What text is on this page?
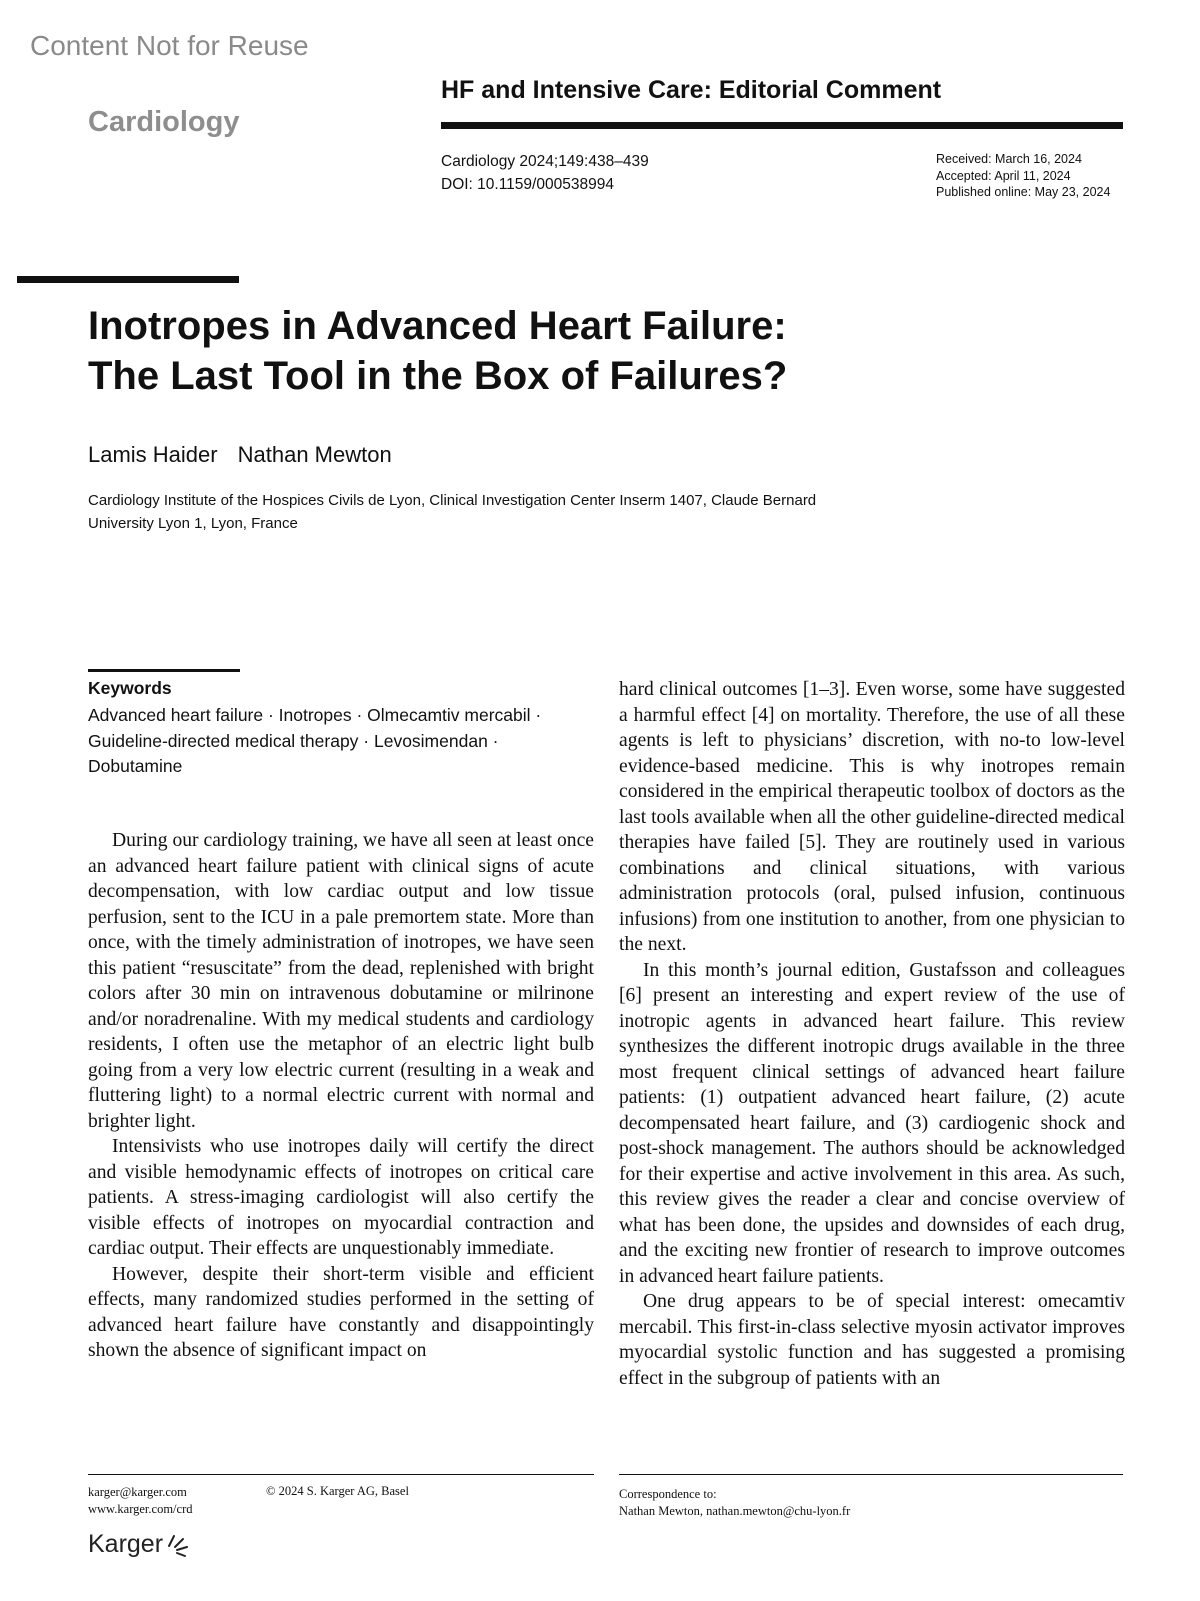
Content Not for Reuse
Cardiology
HF and Intensive Care: Editorial Comment
Cardiology 2024;149:438–439
DOI: 10.1159/000538994
Received: March 16, 2024
Accepted: April 11, 2024
Published online: May 23, 2024
Inotropes in Advanced Heart Failure:
The Last Tool in the Box of Failures?
Lamis Haider Nathan Mewton
Cardiology Institute of the Hospices Civils de Lyon, Clinical Investigation Center Inserm 1407, Claude Bernard
University Lyon 1, Lyon, France
Keywords
Advanced heart failure · Inotropes · Olmecamtiv mercabil ·
Guideline-directed medical therapy · Levosimendan ·
Dobutamine

During our cardiology training, we have all seen at least once an advanced heart failure patient with clinical signs of acute decompensation, with low cardiac output and low tissue perfusion, sent to the ICU in a pale premortem state. More than once, with the timely administration of inotropes, we have seen this patient “resuscitate” from the dead, replenished with bright colors after 30 min on intravenous dobutamine or milrinone and/or noradrenaline. With my medical students and cardiology residents, I often use the metaphor of an electric light bulb going from a very low electric current (resulting in a weak and fluttering light) to a normal electric current with normal and brighter light.

Intensivists who use inotropes daily will certify the direct and visible hemodynamic effects of inotropes on critical care patients. A stress-imaging cardiologist will also certify the visible effects of inotropes on myocardial contraction and cardiac output. Their effects are unquestionably immediate.

However, despite their short-term visible and efficient effects, many randomized studies performed in the setting of advanced heart failure have constantly and disappointingly shown the absence of significant impact on

hard clinical outcomes [1–3]. Even worse, some have suggested a harmful effect [4] on mortality. Therefore, the use of all these agents is left to physicians’ discretion, with no-to low-level evidence-based medicine. This is why inotropes remain considered in the empirical therapeutic toolbox of doctors as the last tools available when all the other guideline-directed medical therapies have failed [5]. They are routinely used in various combinations and clinical situations, with various administration protocols (oral, pulsed infusion, continuous infusions) from one institution to another, from one physician to the next.

In this month’s journal edition, Gustafsson and colleagues [6] present an interesting and expert review of the use of inotropic agents in advanced heart failure. This review synthesizes the different inotropic drugs available in the three most frequent clinical settings of advanced heart failure patients: (1) outpatient advanced heart failure, (2) acute decompensated heart failure, and (3) cardiogenic shock and post-shock management. The authors should be acknowledged for their expertise and active involvement in this area. As such, this review gives the reader a clear and concise overview of what has been done, the upsides and downsides of each drug, and the exciting new frontier of research to improve outcomes in advanced heart failure patients.

One drug appears to be of special interest: omecamtiv mercabil. This first-in-class selective myosin activator improves myocardial systolic function and has suggested a promising effect in the subgroup of patients with an

karger@karger.com
www.karger.com/crd
© 2024 S. Karger AG, Basel	Correspondence to:
Nathan Mewton, nathan.mewton@chu-lyon.fr
Karger
